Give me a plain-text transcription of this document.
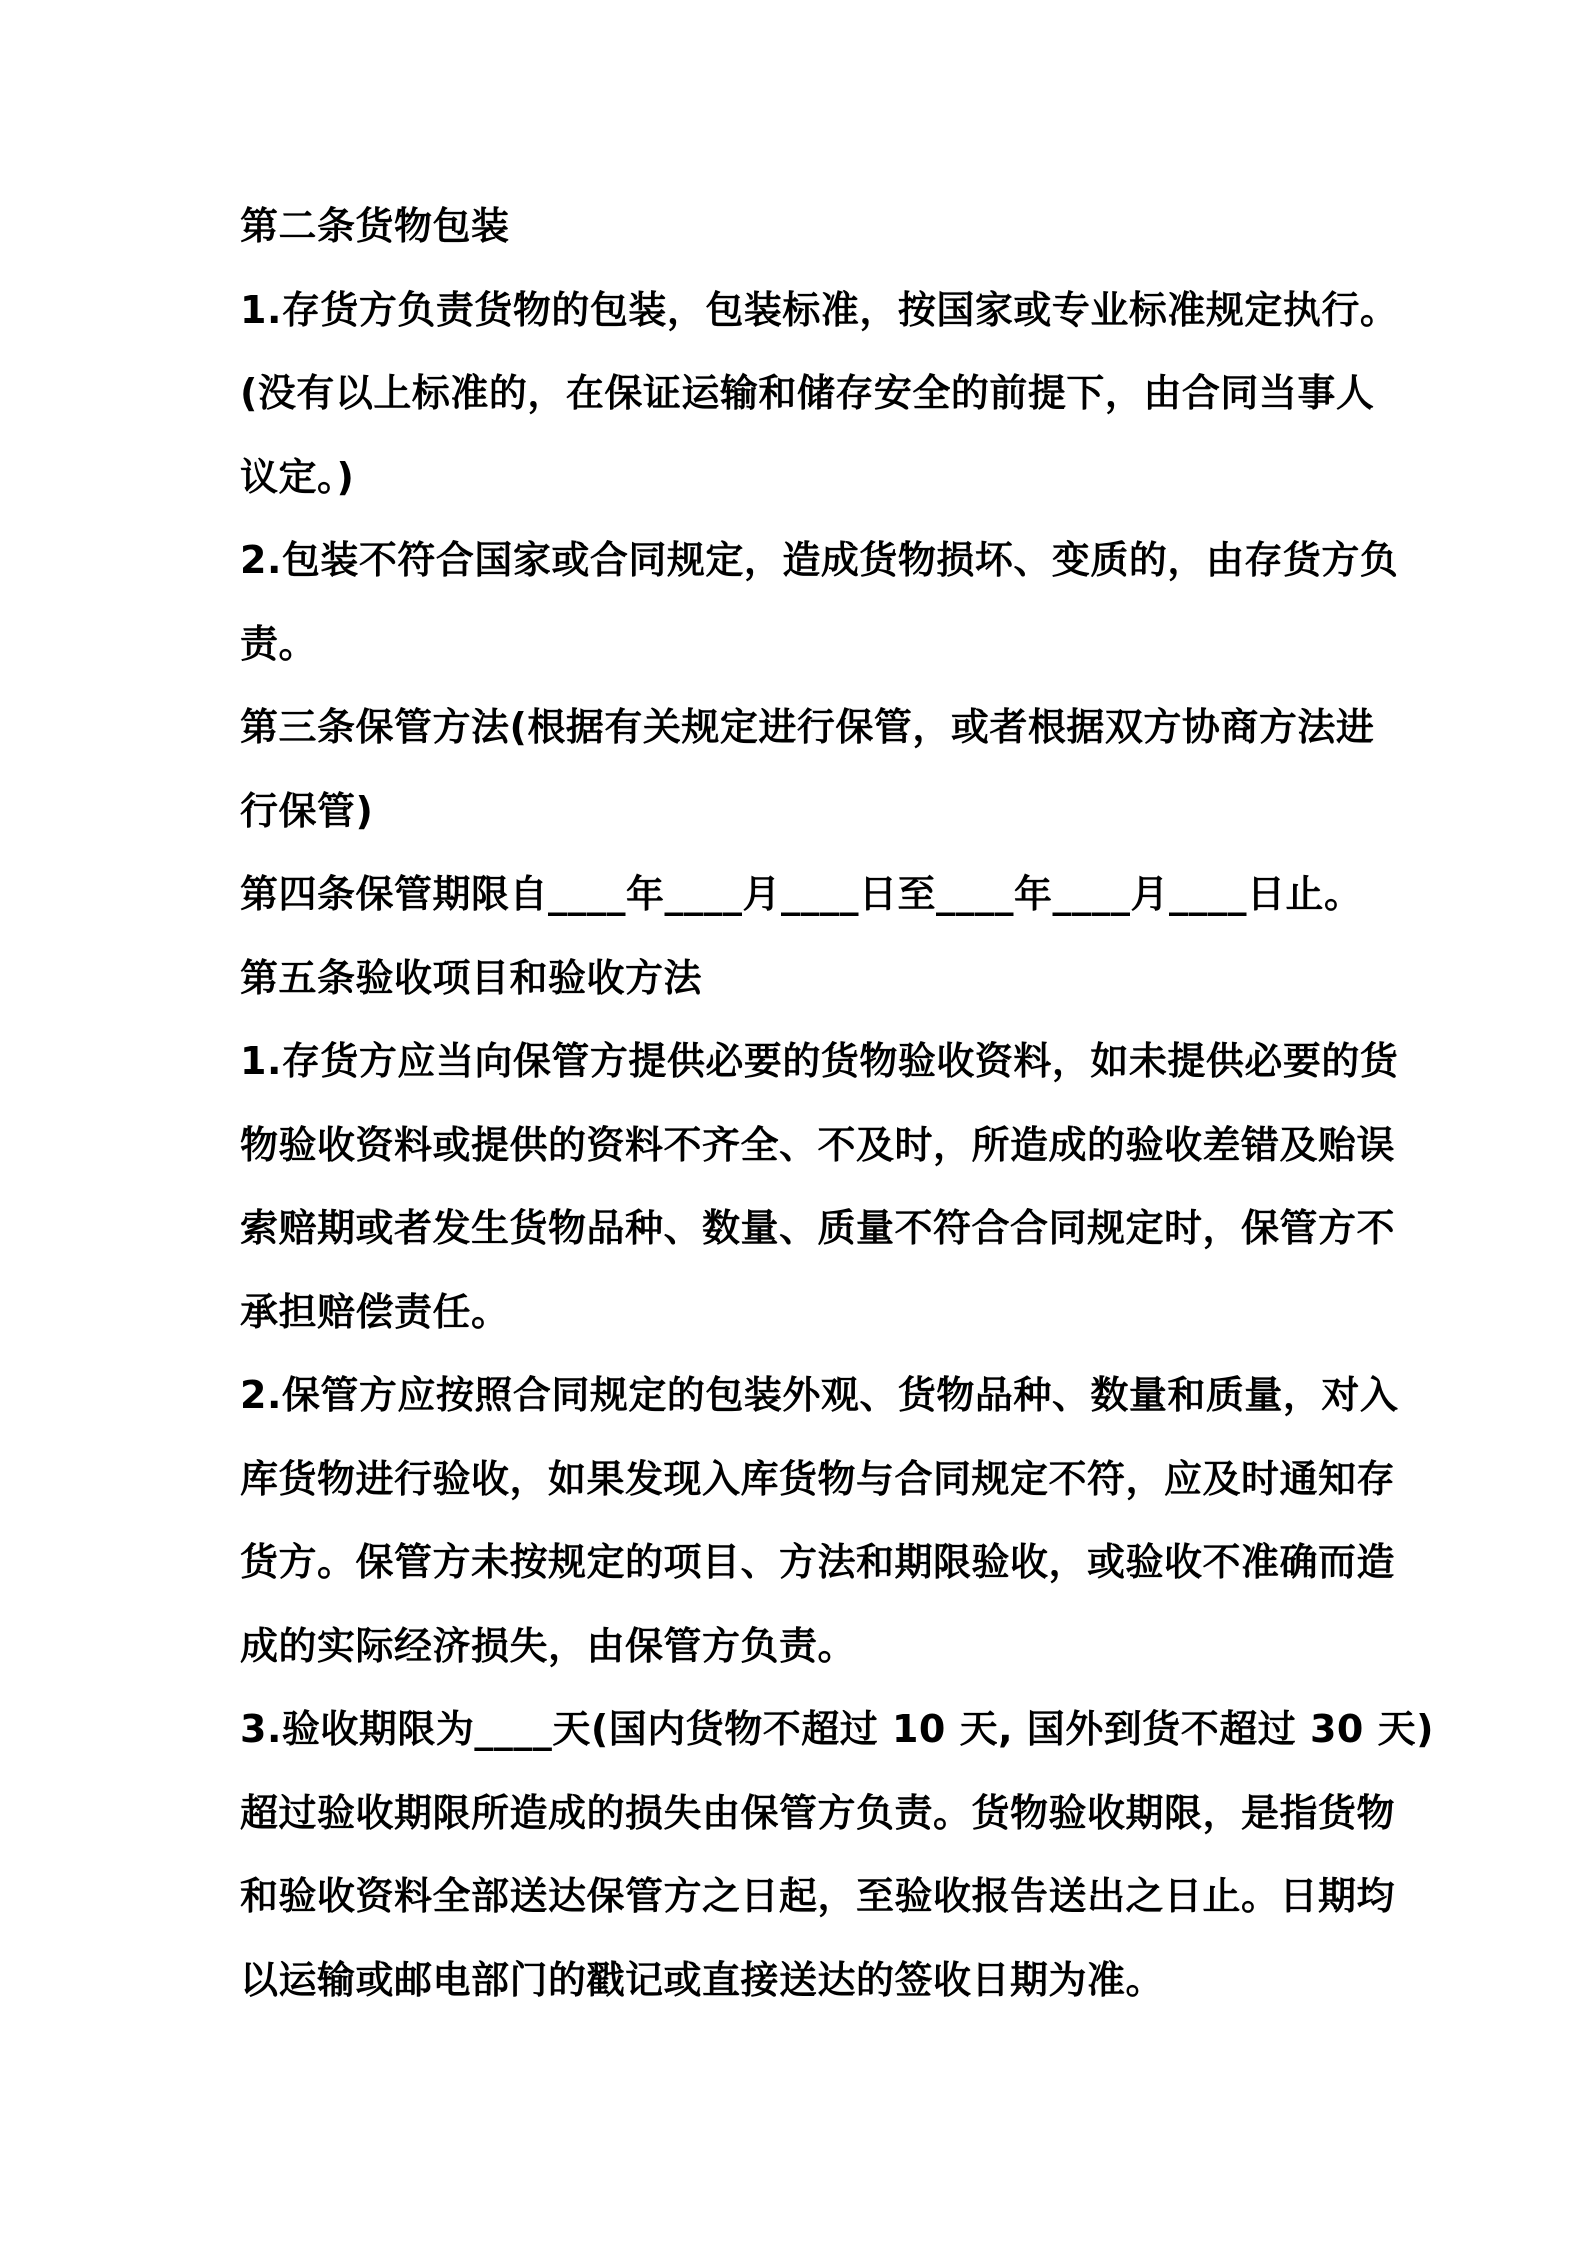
第二条货物包装
1.存货方负责货物的包装，包装标准，按国家或专业标准规定执行。
(没有以上标准的，在保证运输和储存安全的前提下，由合同当事人
议定。)
2.包装不符合国家或合同规定，造成货物损坏、变质的，由存货方负
责。
第三条保管方法(根据有关规定进行保管，或者根据双方协商方法进
行保管)
第四条保管期限自____年____月____日至____年____月____日止。
第五条验收项目和验收方法
1.存货方应当向保管方提供必要的货物验收资料，如未提供必要的货
物验收资料或提供的资料不齐全、不及时，所造成的验收差错及贻误
索赔期或者发生货物品种、数量、质量不符合合同规定时，保管方不
承担赔偿责任。
2.保管方应按照合同规定的包装外观、货物品种、数量和质量，对入
库货物进行验收，如果发现入库货物与合同规定不符，应及时通知存
货方。保管方未按规定的项目、方法和期限验收，或验收不准确而造
成的实际经济损失，由保管方负责。
3.验收期限为____天(国内货物不超过 10 天, 国外到货不超过 30 天)
超过验收期限所造成的损失由保管方负责。货物验收期限，是指货物
和验收资料全部送达保管方之日起，至验收报告送出之日止。日期均
以运输或邮电部门的戳记或直接送达的签收日期为准。
